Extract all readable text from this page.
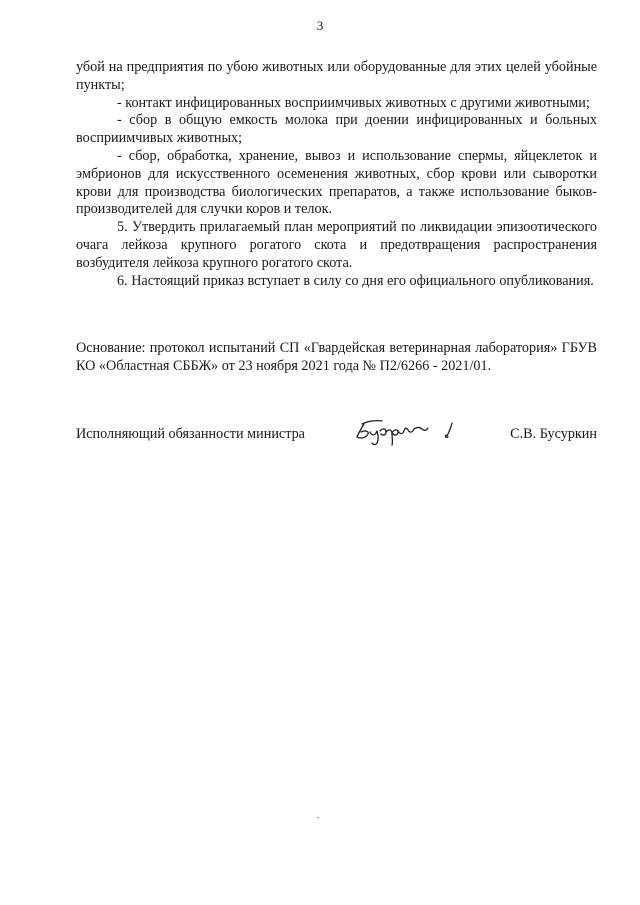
3

убой на предприятия по убою животных или оборудованные для этих целей убойные пункты;

- контакт инфицированных восприимчивых животных с другими животными;

- сбор в общую емкость молока при доении инфицированных и больных восприимчивых животных;

- сбор, обработка, хранение, вывоз и использование спермы, яйцеклеток и эмбрионов для искусственного осеменения животных, сбор крови или сыворотки крови для производства биологических препаратов, а также использование быков-производителей для случки коров и телок.

5. Утвердить прилагаемый план мероприятий по ликвидации эпизоотического очага лейкоза крупного рогатого скота и предотвращения распространения возбудителя лейкоза крупного рогатого скота.

6. Настоящий приказ вступает в силу со дня его официального опубликования.

Основание: протокол испытаний СП «Гвардейская ветеринарная лаборатория» ГБУВ КО «Областная СББЖ» от 23 ноября 2021 года № П2/6266 - 2021/01.
Исполняющий обязанности министра	С.В. Бусуркин
